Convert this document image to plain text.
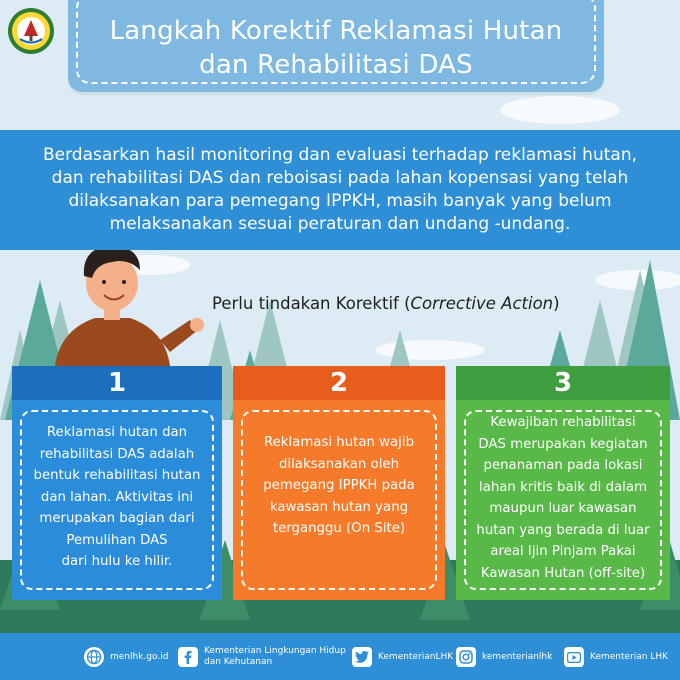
Langkah Korektif Reklamasi Hutan
dan Rehabilitasi DAS
Berdasarkan hasil monitoring dan evaluasi terhadap reklamasi hutan,
dan rehabilitasi DAS dan reboisasi pada lahan kopensasi yang telah
dilaksanakan para pemegang IPPKH, masih banyak yang belum
melaksanakan sesuai peraturan dan undang -undang.
Perlu tindakan Korektif (Corrective Action)
1
Reklamasi hutan dan
rehabilitasi DAS adalah
bentuk rehabilitasi hutan
dan lahan. Aktivitas ini
merupakan bagian dari
Pemulihan DAS
dari hulu ke hilir.
2
Reklamasi hutan wajib
dilaksanakan oleh
pemegang IPPKH pada
kawasan hutan yang
terganggu (On Site)
3
Kewajiban rehabilitasi
DAS merupakan kegiatan
penanaman pada lokasi
lahan kritis baik di dalam
maupun luar kawasan
hutan yang berada di luar
areal Ijin Pinjam Pakai
Kawasan Hutan (off-site)
menlhk.go.id
Kementerian Lingkungan Hidup
dan Kehutanan
KementerianLHK	kementerianlhk	Kementerian LHK
